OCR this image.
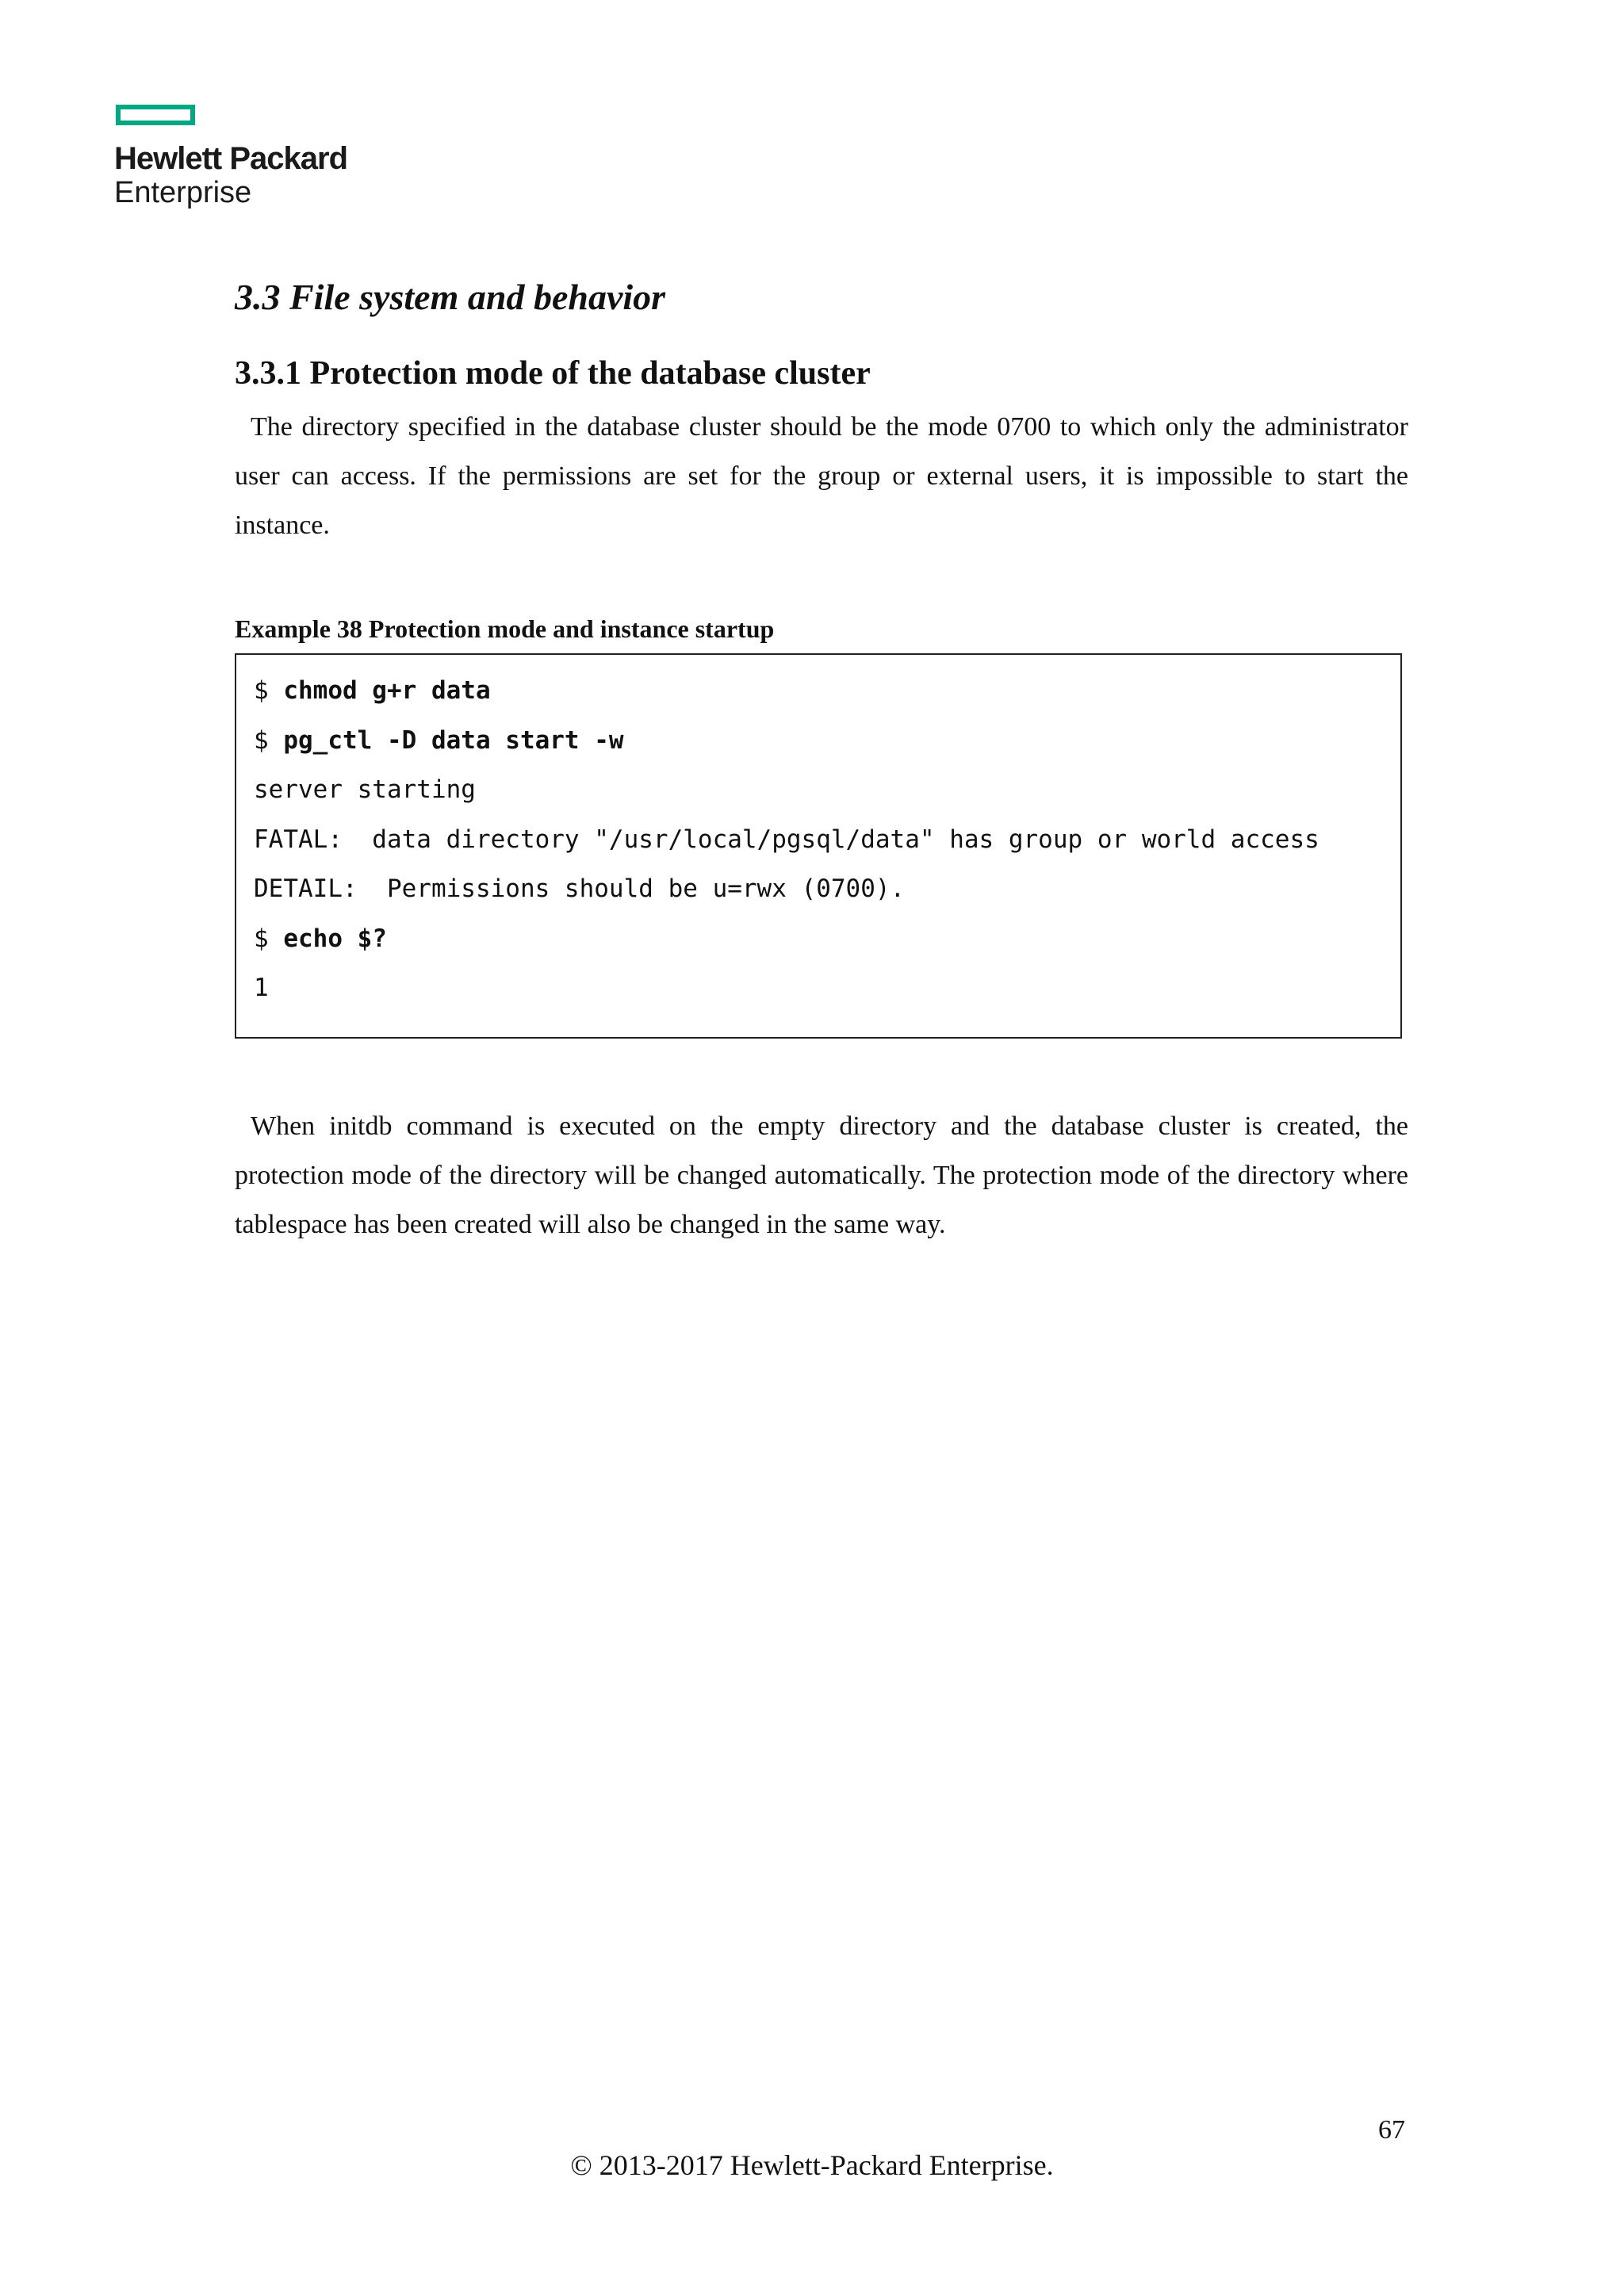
Hewlett Packard
Enterprise
3.3 File system and behavior
3.3.1 Protection mode of the database cluster

The directory specified in the database cluster should be the mode 0700 to which only the administrator user can access. If the permissions are set for the group or external users, it is impossible to start the instance.

Example 38 Protection mode and instance startup
$ chmod g+r data
$ pg_ctl -D data start -w
server starting
FATAL:  data directory "/usr/local/pgsql/data" has group or world access
DETAIL:  Permissions should be u=rwx (0700).
$ echo $?
1

When initdb command is executed on the empty directory and the database cluster is created, the protection mode of the directory will be changed automatically. The protection mode of the directory where tablespace has been created will also be changed in the same way.

67
© 2013-2017 Hewlett-Packard Enterprise.
